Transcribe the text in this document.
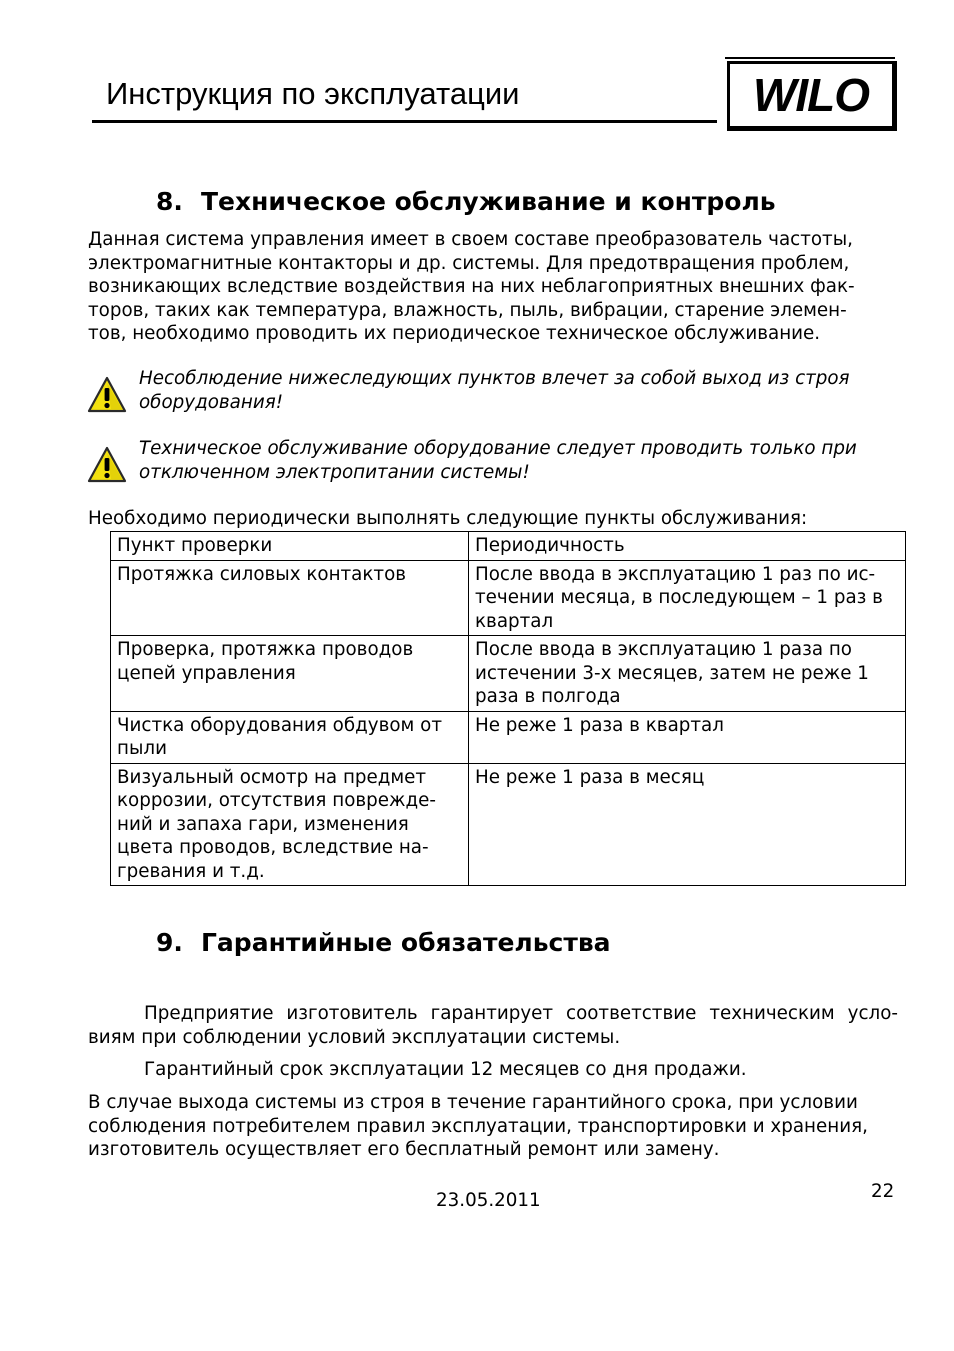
Инструкция по эксплуатации	WILO
8. Техническое обслуживание и контроль
Данная система управления имеет в своем составе преобразователь частоты,
электромагнитные контакторы и др. системы. Для предотвращения проблем,
возникающих вследствие воздействия на них неблагоприятных внешних фак-
торов, таких как температура, влажность, пыль, вибрации, старение элемен-
тов, необходимо проводить их периодическое техническое обслуживание.
Несоблюдение нижеследующих пунктов влечет за собой выход из строя
оборудования!
Техническое обслуживание оборудование следует проводить только при
отключенном электропитании системы!
Необходимо периодически выполнять следующие пункты обслуживания:
Пункт проверки	Периодичность

Протяжка силовых контактов	После ввода в эксплуатацию 1 раз по ис-
течении месяца, в последующем – 1 раз в
квартал

Проверка, протяжка проводов
цепей управления	После ввода в эксплуатацию 1 раза по
истечении 3-х месяцев, затем не реже 1
раза в полгода

Чистка оборудования обдувом от
пыли	Не реже 1 раза в квартал

Визуальный осмотр на предмет
коррозии, отсутствия поврежде-
ний и запаха гари, изменения
цвета проводов, вследствие на-
гревания и т.д.	Не реже 1 раза в месяц
9. Гарантийные обязательства
Предприятие изготовитель гарантирует соответствие техническим усло-
виям при соблюдении условий эксплуатации системы.
Гарантийный срок эксплуатации 12 месяцев со дня продажи.
В случае выхода системы из строя в течение гарантийного срока, при условии
соблюдения потребителем правил эксплуатации, транспортировки и хранения,
изготовитель осуществляет его бесплатный ремонт или замену.
23.05.2011	22
